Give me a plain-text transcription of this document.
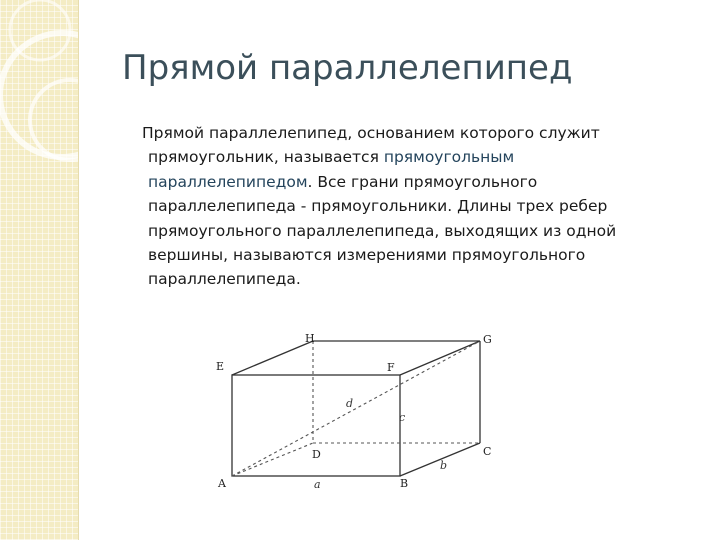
Прямой параллелепипед

Прямой параллелепипед, основанием которого служит
прямоугольник, называется прямоугольным
параллелепипедом. Все грани прямоугольного
параллелепипеда - прямоугольники. Длины трех ребер
прямоугольного параллелепипеда, выходящих из одной
вершины, называются измерениями прямоугольного
параллелепипеда.

A	B
C
D
E	F
G
H
a
b
c
d
